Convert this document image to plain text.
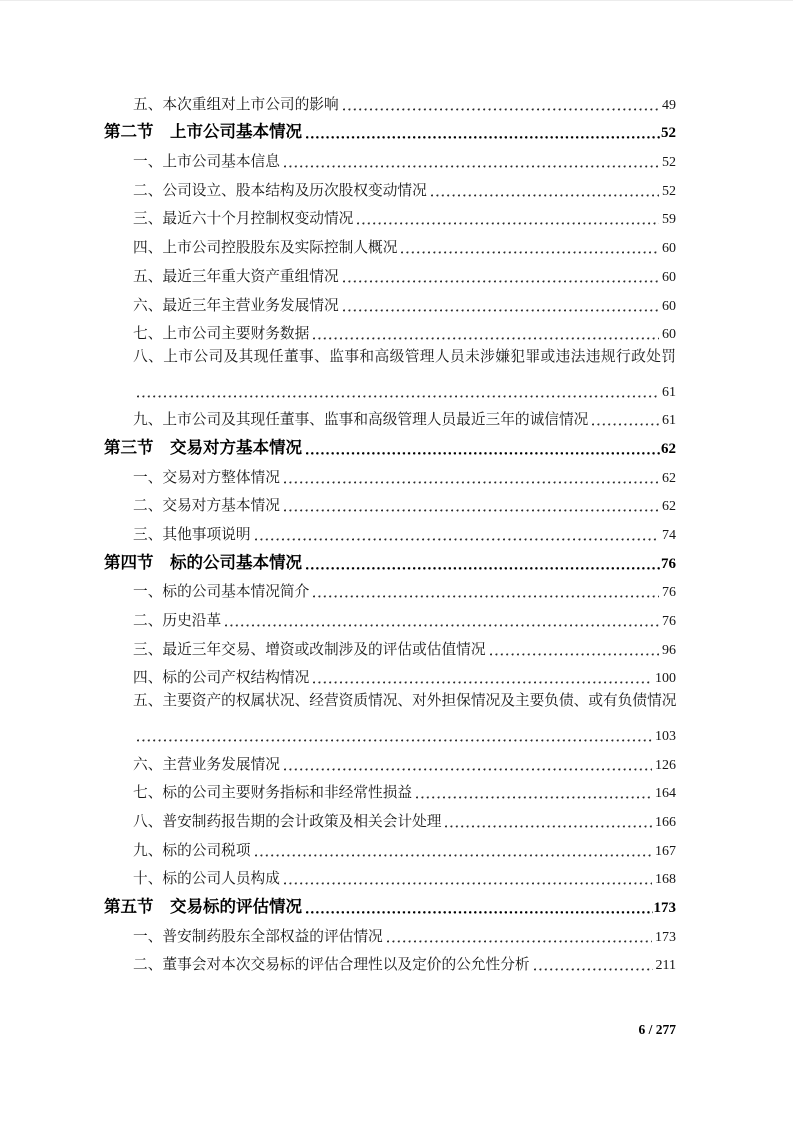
五、本次重组对上市公司的影响	49
第二节　上市公司基本情况	52
一、上市公司基本信息	52
二、公司设立、股本结构及历次股权变动情况	52
三、最近六十个月控制权变动情况	59
四、上市公司控股股东及实际控制人概况	60
五、最近三年重大资产重组情况	60
六、最近三年主营业务发展情况	60
七、上市公司主要财务数据	60
八、上市公司及其现任董事、监事和高级管理人员未涉嫌犯罪或违法违规行政处罚
61
九、上市公司及其现任董事、监事和高级管理人员最近三年的诚信情况	61
第三节　交易对方基本情况	62
一、交易对方整体情况	62
二、交易对方基本情况	62
三、其他事项说明	74
第四节　标的公司基本情况	76
一、标的公司基本情况简介	76
二、历史沿革	76
三、最近三年交易、增资或改制涉及的评估或估值情况	96
四、标的公司产权结构情况	100
五、主要资产的权属状况、经营资质情况、对外担保情况及主要负债、或有负债情况
103
六、主营业务发展情况	126
七、标的公司主要财务指标和非经常性损益	164
八、普安制药报告期的会计政策及相关会计处理	166
九、标的公司税项	167
十、标的公司人员构成	168
第五节　交易标的评估情况	173
一、普安制药股东全部权益的评估情况	173
二、董事会对本次交易标的评估合理性以及定价的公允性分析	211
6 / 277
